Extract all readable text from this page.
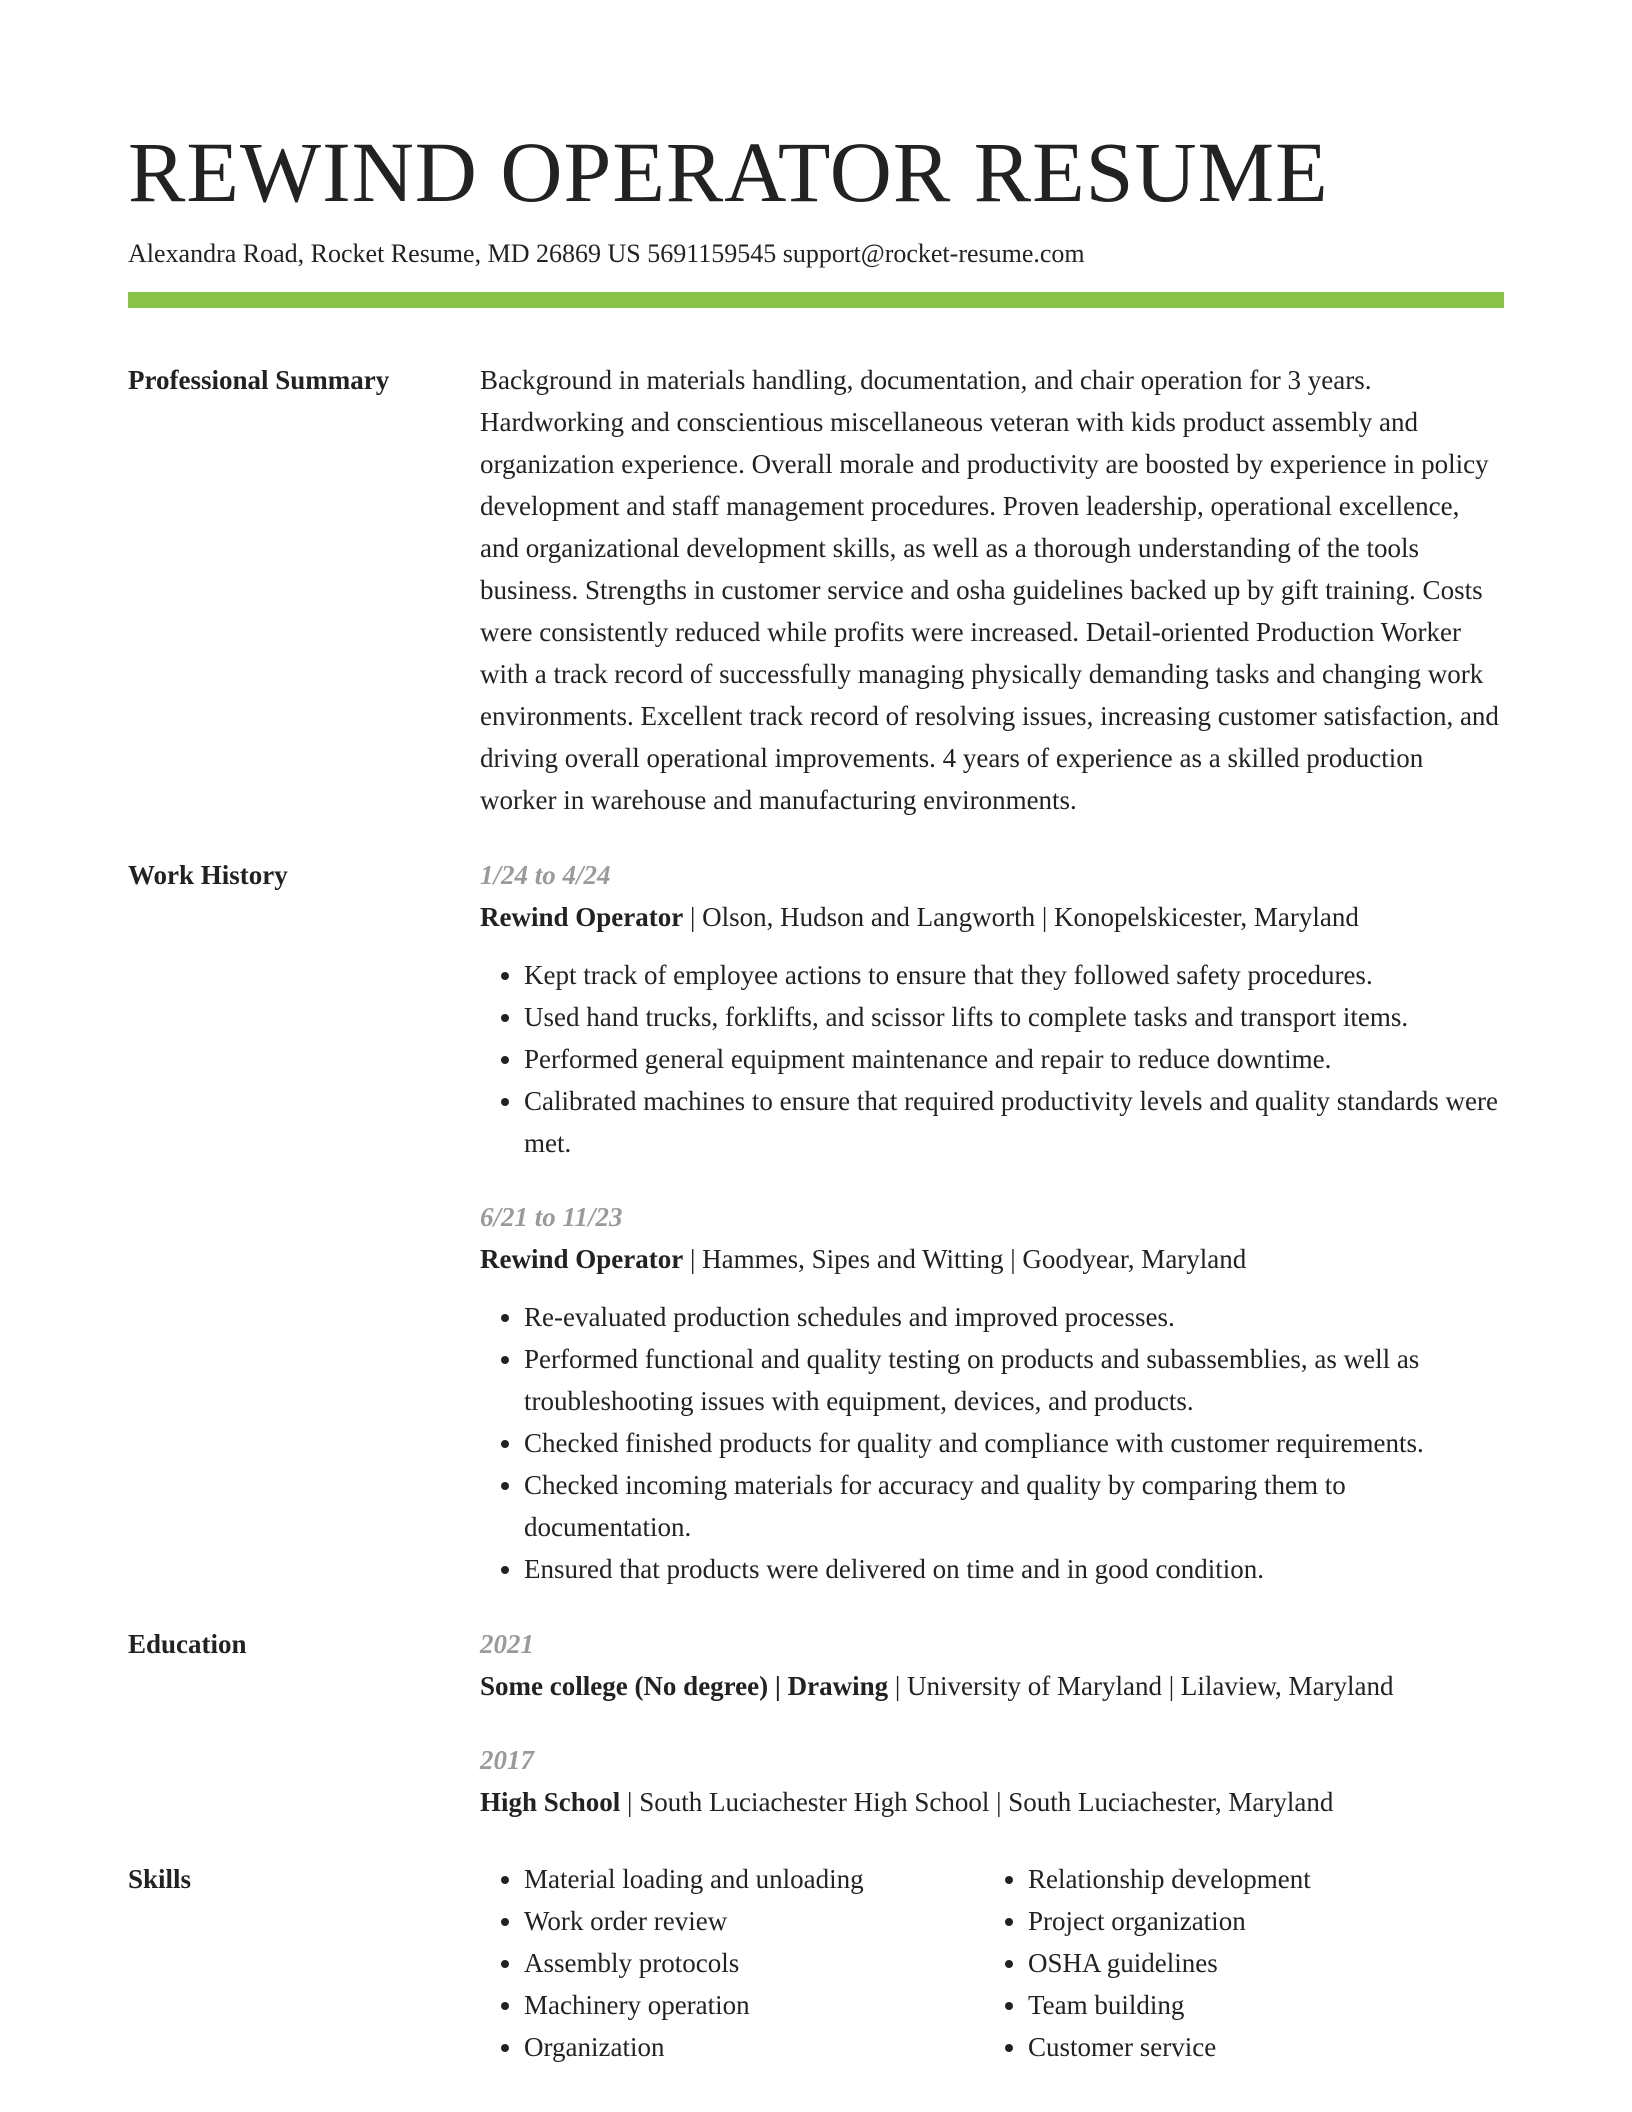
REWIND OPERATOR RESUME
Alexandra Road, Rocket Resume, MD 26869 US 5691159545 support@rocket-resume.com
Professional Summary	Background in materials handling, documentation, and chair operation for 3 years. Hardworking and conscientious miscellaneous veteran with kids product assembly and organization experience. Overall morale and productivity are boosted by experience in policy development and staff management procedures. Proven leadership, operational excellence, and organizational development skills, as well as a thorough understanding of the tools business. Strengths in customer service and osha guidelines backed up by gift training. Costs were consistently reduced while profits were increased. Detail-oriented Production Worker with a track record of successfully managing physically demanding tasks and changing work environments. Excellent track record of resolving issues, increasing customer satisfaction, and driving overall operational improvements. 4 years of experience as a skilled production worker in warehouse and manufacturing environments.
Work History	1/24 to 4/24
Rewind Operator | Olson, Hudson and Langworth | Konopelskicester, Maryland
• Kept track of employee actions to ensure that they followed safety procedures.
• Used hand trucks, forklifts, and scissor lifts to complete tasks and transport items.
• Performed general equipment maintenance and repair to reduce downtime.
• Calibrated machines to ensure that required productivity levels and quality standards were met.
6/21 to 11/23
Rewind Operator | Hammes, Sipes and Witting | Goodyear, Maryland
• Re-evaluated production schedules and improved processes.
• Performed functional and quality testing on products and subassemblies, as well as troubleshooting issues with equipment, devices, and products.
• Checked finished products for quality and compliance with customer requirements.
• Checked incoming materials for accuracy and quality by comparing them to documentation.
• Ensured that products were delivered on time and in good condition.
Education	2021
Some college (No degree) | Drawing | University of Maryland | Lilaview, Maryland
2017
High School | South Luciachester High School | South Luciachester, Maryland
Skills
•	Material loading and unloading
• Work order review
• Assembly protocols
• Machinery operation
• Organization
• Relationship development
• Project organization
• OSHA guidelines
• Team building
• Customer service
